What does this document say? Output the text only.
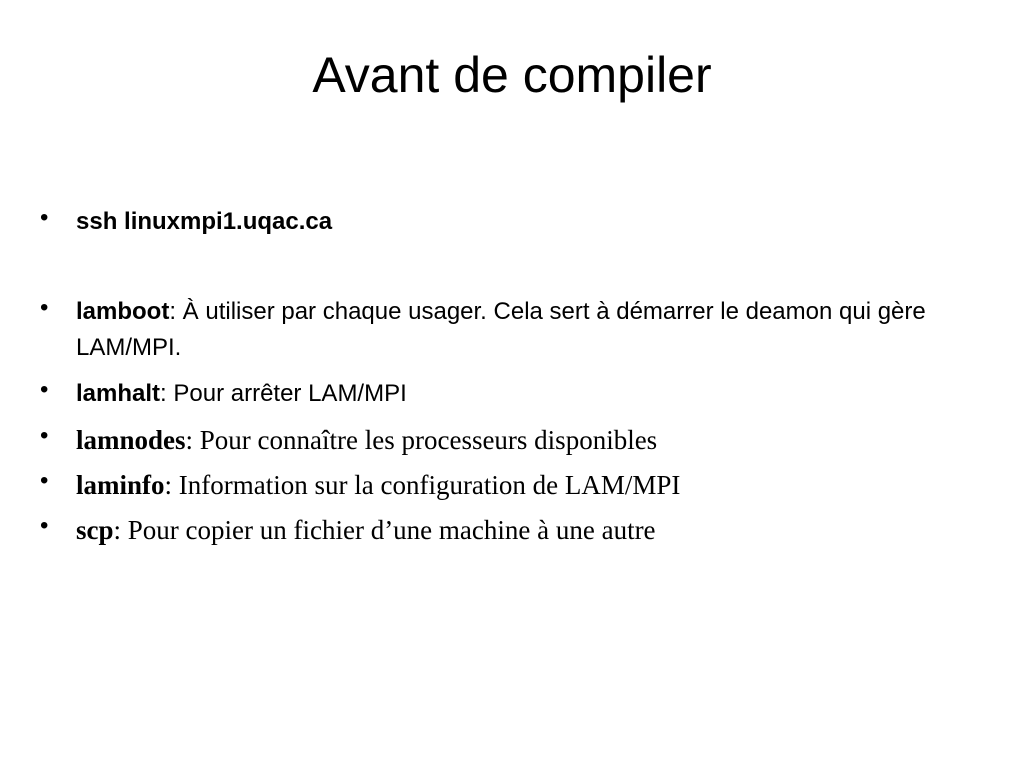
Avant de compiler
•	ssh linuxmpi1.uqac.ca
•	lamboot: À utiliser par chaque usager. Cela sert à démarrer le deamon qui gère LAM/MPI.
•	lamhalt: Pour arrêter LAM/MPI
•	lamnodes: Pour connaître les processeurs disponibles
•	laminfo: Information sur la configuration de LAM/MPI
•	scp: Pour copier un fichier d’une machine à une autre
